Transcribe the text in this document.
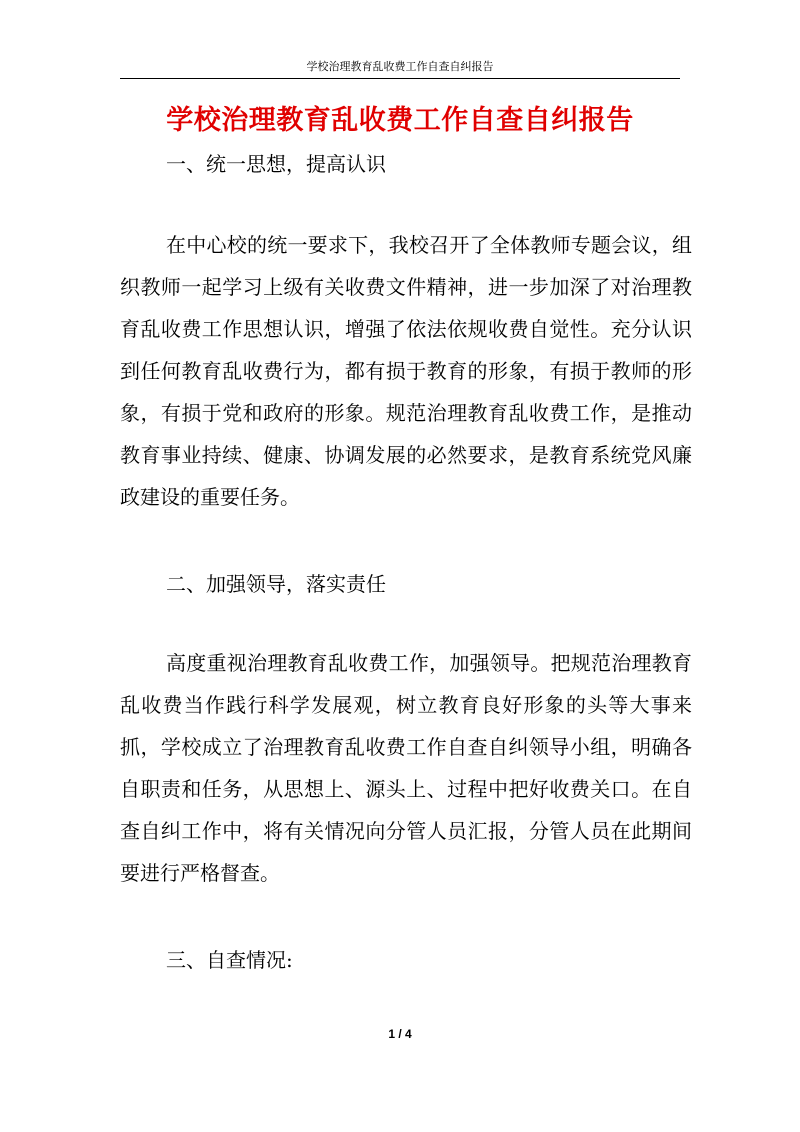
学校治理教育乱收费工作自查自纠报告
学校治理教育乱收费工作自查自纠报告
一、统一思想，提高认识

在中心校的统一要求下，我校召开了全体教师专题会议，组织教师一起学习上级有关收费文件精神，进一步加深了对治理教育乱收费工作思想认识，增强了依法依规收费自觉性。充分认识到任何教育乱收费行为，都有损于教育的形象，有损于教师的形象，有损于党和政府的形象。规范治理教育乱收费工作，是推动教育事业持续、健康、协调发展的必然要求，是教育系统党风廉政建设的重要任务。

二、加强领导，落实责任

高度重视治理教育乱收费工作，加强领导。把规范治理教育乱收费当作践行科学发展观，树立教育良好形象的头等大事来抓，学校成立了治理教育乱收费工作自查自纠领导小组，明确各自职责和任务，从思想上、源头上、过程中把好收费关口。在自查自纠工作中，将有关情况向分管人员汇报，分管人员在此期间要进行严格督查。

三、自查情况:
1 / 4
